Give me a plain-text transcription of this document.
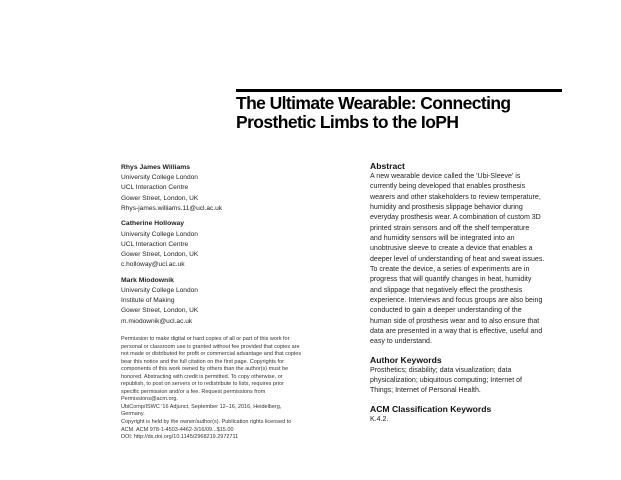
The Ultimate Wearable: Connecting
Prosthetic Limbs to the IoPH
Rhys James Williams
University College London
UCL Interaction Centre
Gower Street, London, UK
Rhys-james.williams.11@ucl.ac.uk
Catherine Holloway
University College London
UCL Interaction Centre
Gower Street, London, UK
c.holloway@ucl.ac.uk
Mark Miodownik
University College London
Institute of Making
Gower Street, London, UK
m.miodownik@ucl.ac.uk
Permission to make digital or hard copies of all or part of this work for
personal or classroom use is granted without fee provided that copies are
not made or distributed for profit or commercial advantage and that copies
bear this notice and the full citation on the first page. Copyrights for
components of this work owned by others than the author(s) must be
honored. Abstracting with credit is permitted. To copy otherwise, or
republish, to post on servers or to redistribute to lists, requires prior
specific permission and/or a fee. Request permissions from
Permissions@acm.org.
UbiComp/ISWC '16 Adjunct, September 12–16, 2016, Heidelberg,
Germany.
Copyright is held by the owner/author(s). Publication rights licensed to
ACM. ACM 978-1-4503-4462-3/16/09...$15.00
DOI: http://dx.doi.org/10.1145/2968219.2972711
Abstract
A new wearable device called the 'Ubi-Sleeve' is
currently being developed that enables prosthesis
wearers and other stakeholders to review temperature,
humidity and prosthesis slippage behavior during
everyday prosthesis wear. A combination of custom 3D
printed strain sensors and off the shelf temperature
and humidity sensors will be integrated into an
unobtrusive sleeve to create a device that enables a
deeper level of understanding of heat and sweat issues.
To create the device, a series of experiments are in
progress that will quantify changes in heat, humidity
and slippage that negatively effect the prosthesis
experience. Interviews and focus groups are also being
conducted to gain a deeper understanding of the
human side of prosthesis wear and to also ensure that
data are presented in a way that is effective, useful and
easy to understand.
Author Keywords
Prosthetics; disability; data visualization; data
physicalization; ubiquitous computing; Internet of
Things; Internet of Personal Health.
ACM Classification Keywords
K.4.2.
